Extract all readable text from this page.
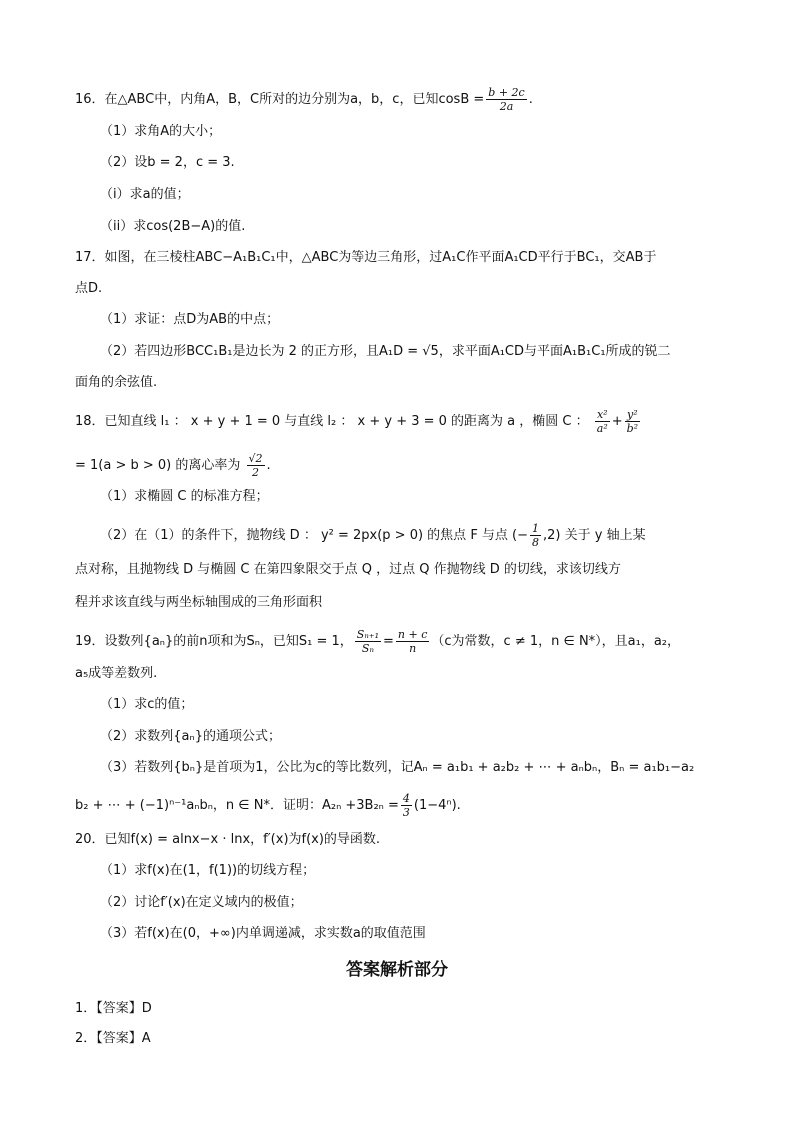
16．在△ABC中，内角A，B，C所对的边分别为a，b，c，已知$\cos B = \frac{b + 2c}{2a}$ .
（1）求角A的大小；
（2）设b = 2，c = 3.
（i）求a的值；
（ii）求cos(2B−A)的值.
17．如图，在三棱柱ABC−A₁B₁C₁中，△ABC为等边三角形，过A₁C作平面A₁CD平行于BC₁，交AB于
点D.
（1）求证：点D为AB的中点；
（2）若四边形BCC₁B₁是边长为 2 的正方形，且A₁D = √5，求平面A₁CD与平面A₁B₁C₁所成的锐二
面角的余弦值.
18．已知直线 l₁ ： x + y + 1 = 0 与直线 l₂ ： x + y + 3 = 0 的距离为 a ，椭圆 C ： $\frac{\text{x²}}{\text{a²}} + \frac{\text{y²}}{\text{b²}}$
= 1(a > b > 0) 的离心率为 $\frac{√2}{2}$ .
（1）求椭圆 C 的标准方程；
（2）在（1）的条件下，抛物线 D ： y² = 2px(p > 0) 的焦点 F 与点 (− $\frac{1}{8} ,2$) 关于 y 轴上某
点对称，且抛物线 D 与椭圆 C 在第四象限交于点 Q ，过点 Q 作抛物线 D 的切线，求该切线方
程并求该直线与两坐标轴围成的三角形面积
19．设数列{aₙ}的前n项和为Sₙ，已知S₁ = 1， $\frac{\text{Sₙ₊₁}}{\text{Sₙ}} = \frac{n + c}{n} (c$为常数，c ≠ 1，n ∈ N*），且a₁，a₂，
a₅成等差数列.
（1）求c的值；
（2）求数列{aₙ}的通项公式；
（3）若数列{bₙ}是首项为1，公比为c的等比数列，记Aₙ = a₁b₁ + a₂b₂ + ⋯ + aₙbₙ，Bₙ = a₁b₁−a₂
b₂ + ⋯ + (−1)ⁿ⁻¹aₙbₙ，n ∈ N*．证明：$A_{2n} +3B_{2n} = \frac{4}{3} (1-4^n)$.
20．已知f(x) = alnx−x · lnx，f′(x)为f(x)的导函数.
（1）求f(x)在(1，f(1))的切线方程；
（2）讨论f′(x)在定义域内的极值；
（3）若f(x)在(0，+∞)内单调递减，求实数a的取值范围
答案解析部分
1．【答案】D
2．【答案】A
